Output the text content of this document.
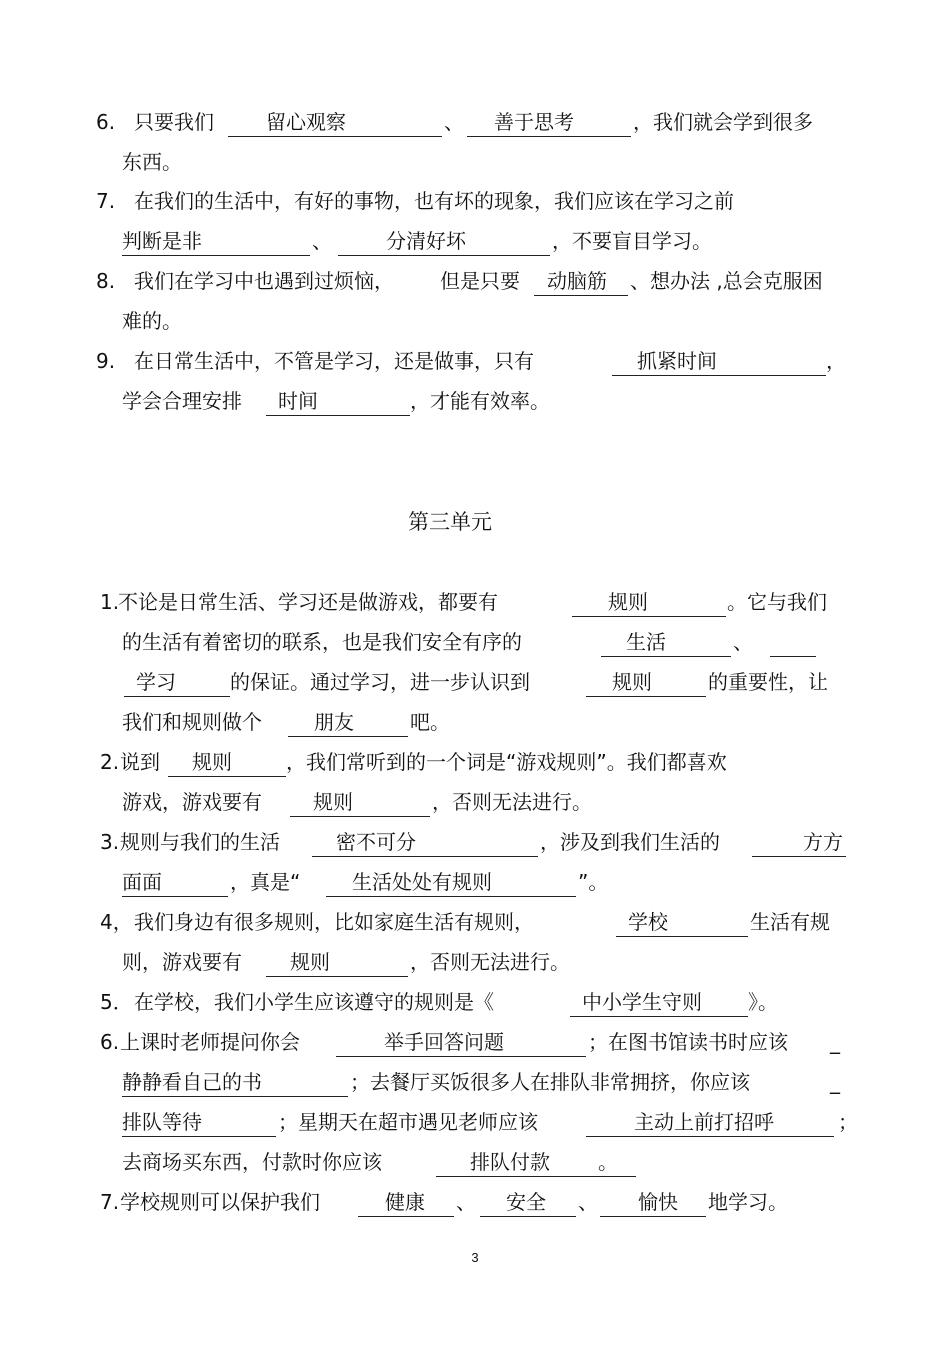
6. 只要我们	留心观察	、 善于思考	，我们就会学到很多
东西。
7. 在我们的生活中，有好的事物，也有坏的现象，我们应该在学习之前
判断是非	、	分清好坏	，不要盲目学习。
8. 我们在学习中也遇到过烦恼， 但是只要 动脑筋 、想办法 ,总会克服困
难的。
9. 在日常生活中，不管是学习，还是做事，只有	抓紧时间	，
学会合理安排 时间	，才能有效率。
第三单元
1.
不论是日常生活、学习还是做游戏，都要有	规则	。它与我们
的生活有着密切的联系，也是我们安全有序的	生活	、
学习	的保证。通过学习，进一步认识到	规则	的重要性，让
我们和规则做个	朋友	吧。
2. 说到 规则	，我们常听到的一个词是“游戏规则”。我们都喜欢
游戏，游戏要有	规则	，否则无法进行。
3. 规则与我们的生活	密不可分	，涉及到我们生活的	方方
面面	，真是“	生活处处有规则	”。
4， 我们身边有很多规则，比如家庭生活有规则，	学校	生活有规
则，游戏要有 规则	，否则无法进行。
5． 在学校，我们小学生应该遵守的规则是《	中小学生守则 》。
6. 上课时老师提问你会	举手回答问题	；在图书馆读书时应该 _
静静看自己的书	；去餐厅买饭很多人在排队非常拥挤，你应该	_
排队等待	；星期天在超市遇见老师应该	主动上前打招呼	；
去商场买东西，付款时你应该	排队付款 。
7. 学校规则可以保护我们	健康 、 安全 、 愉快 地学习。
3
